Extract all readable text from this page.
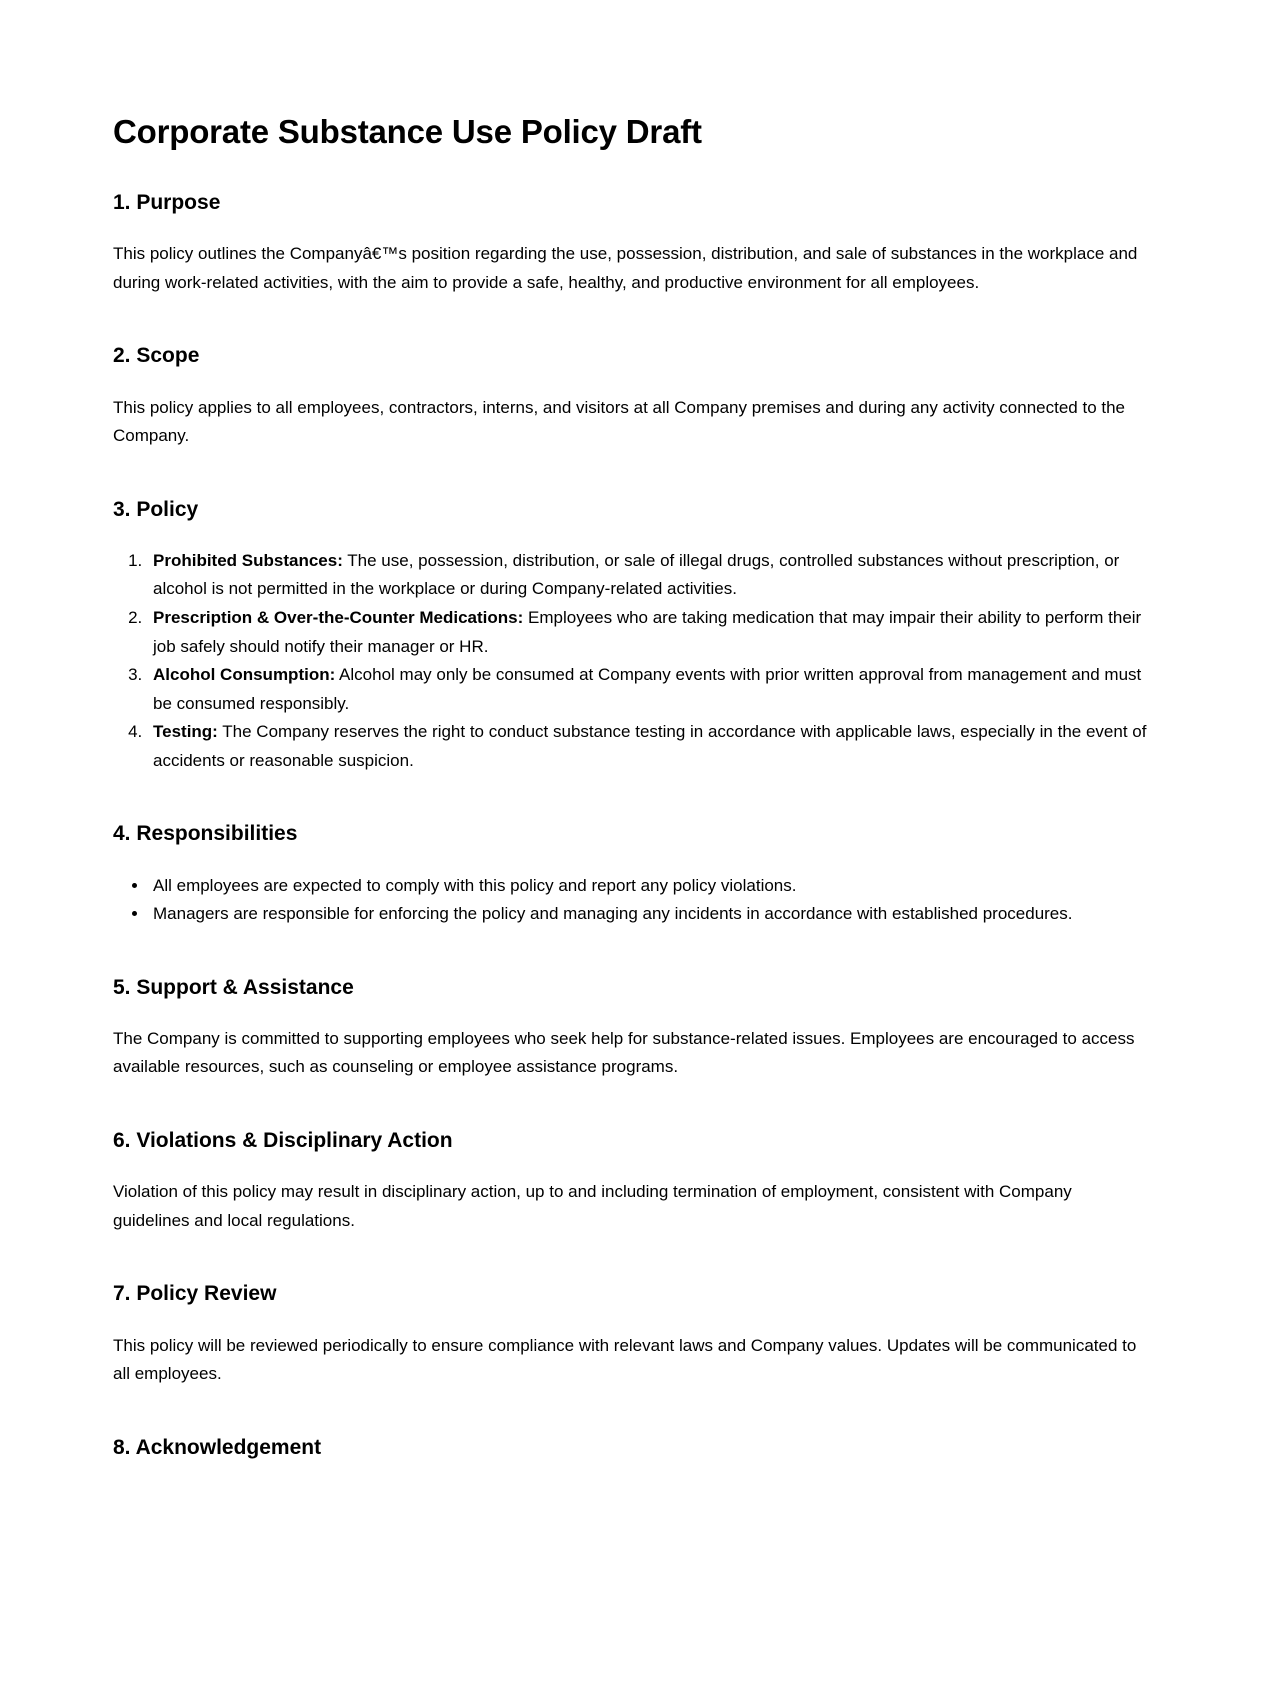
Corporate Substance Use Policy Draft
1. Purpose

This policy outlines the Companyâ€™s position regarding the use, possession, distribution, and sale of substances in the workplace and during work-related activities, with the aim to provide a safe, healthy, and productive environment for all employees.

2. Scope

This policy applies to all employees, contractors, interns, and visitors at all Company premises and during any activity connected to the Company.

3. Policy
1. Prohibited Substances: The use, possession, distribution, or sale of illegal drugs, controlled substances without prescription, or alcohol is not permitted in the workplace or during Company-related activities.
2. Prescription & Over-the-Counter Medications: Employees who are taking medication that may impair their ability to perform their job safely should notify their manager or HR.
3. Alcohol Consumption: Alcohol may only be consumed at Company events with prior written approval from management and must be consumed responsibly.
4. Testing: The Company reserves the right to conduct substance testing in accordance with applicable laws, especially in the event of accidents or reasonable suspicion.
4. Responsibilities
• All employees are expected to comply with this policy and report any policy violations.
• Managers are responsible for enforcing the policy and managing any incidents in accordance with established procedures.
5. Support & Assistance

The Company is committed to supporting employees who seek help for substance-related issues. Employees are encouraged to access available resources, such as counseling or employee assistance programs.

6. Violations & Disciplinary Action

Violation of this policy may result in disciplinary action, up to and including termination of employment, consistent with Company guidelines and local regulations.

7. Policy Review

This policy will be reviewed periodically to ensure compliance with relevant laws and Company values. Updates will be communicated to all employees.

8. Acknowledgement
